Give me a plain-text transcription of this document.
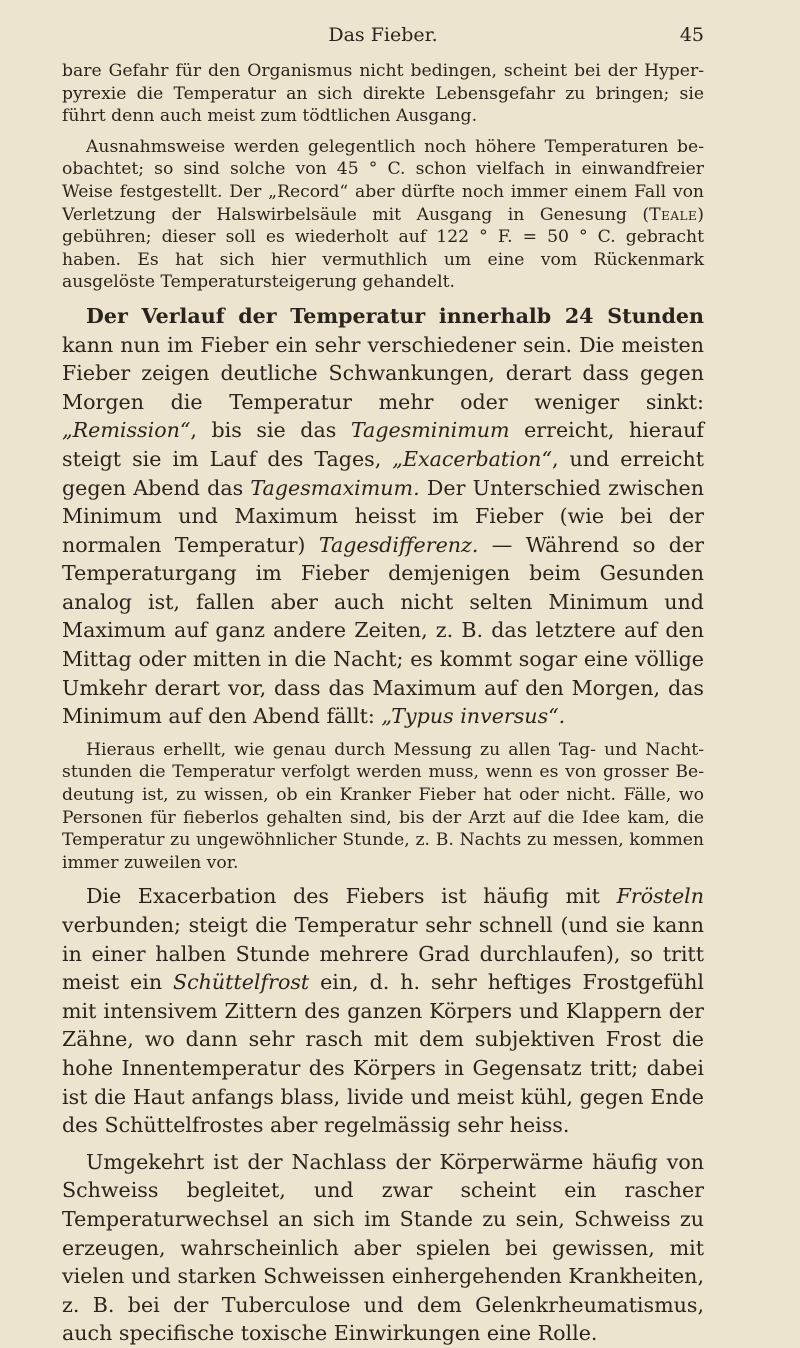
Das Fieber.	45

bare Gefahr für den Organismus nicht bedingen, scheint bei der Hyperpyrexie die Temperatur an sich direkte Lebensgefahr zu bringen; sie führt denn auch meist zum tödtlichen Ausgang.

Ausnahmsweise werden gelegentlich noch höhere Temperaturen beobachtet; so sind solche von 45 ° C. schon vielfach in einwandfreier Weise festgestellt. Der „Record“ aber dürfte noch immer einem Fall von Verletzung der Halswirbelsäule mit Ausgang in Genesung (Teale) gebühren; dieser soll es wiederholt auf 122 ° F. = 50 ° C. gebracht haben. Es hat sich hier vermuthlich um eine vom Rückenmark ausgelöste Temperatursteigerung gehandelt.

Der Verlauf der Temperatur innerhalb 24 Stunden kann nun im Fieber ein sehr verschiedener sein. Die meisten Fieber zeigen deutliche Schwankungen, derart dass gegen Morgen die Temperatur mehr oder weniger sinkt: „Remission“, bis sie das Tagesminimum erreicht, hierauf steigt sie im Lauf des Tages, „Exacerbation“, und erreicht gegen Abend das Tagesmaximum. Der Unterschied zwischen Minimum und Maximum heisst im Fieber (wie bei der normalen Temperatur) Tagesdifferenz. — Während so der Temperaturgang im Fieber demjenigen beim Gesunden analog ist, fallen aber auch nicht selten Minimum und Maximum auf ganz andere Zeiten, z. B. das letztere auf den Mittag oder mitten in die Nacht; es kommt sogar eine völlige Umkehr derart vor, dass das Maximum auf den Morgen, das Minimum auf den Abend fällt: „Typus inversus“.

Hieraus erhellt, wie genau durch Messung zu allen Tag- und Nachtstunden die Temperatur verfolgt werden muss, wenn es von grosser Bedeutung ist, zu wissen, ob ein Kranker Fieber hat oder nicht. Fälle, wo Personen für fieberlos gehalten sind, bis der Arzt auf die Idee kam, die Temperatur zu ungewöhnlicher Stunde, z. B. Nachts zu messen, kommen immer zuweilen vor.

Die Exacerbation des Fiebers ist häufig mit Frösteln verbunden; steigt die Temperatur sehr schnell (und sie kann in einer halben Stunde mehrere Grad durchlaufen), so tritt meist ein Schüttelfrost ein, d. h. sehr heftiges Frostgefühl mit intensivem Zittern des ganzen Körpers und Klappern der Zähne, wo dann sehr rasch mit dem subjektiven Frost die hohe Innentemperatur des Körpers in Gegensatz tritt; dabei ist die Haut anfangs blass, livide und meist kühl, gegen Ende des Schüttelfrostes aber regelmässig sehr heiss.

Umgekehrt ist der Nachlass der Körperwärme häufig von Schweiss begleitet, und zwar scheint ein rascher Temperaturwechsel an sich im Stande zu sein, Schweiss zu erzeugen, wahrscheinlich aber spielen bei gewissen, mit vielen und starken Schweissen einhergehenden Krankheiten, z. B. bei der Tuberculose und dem Gelenkrheumatismus, auch specifische toxische Einwirkungen eine Rolle.
